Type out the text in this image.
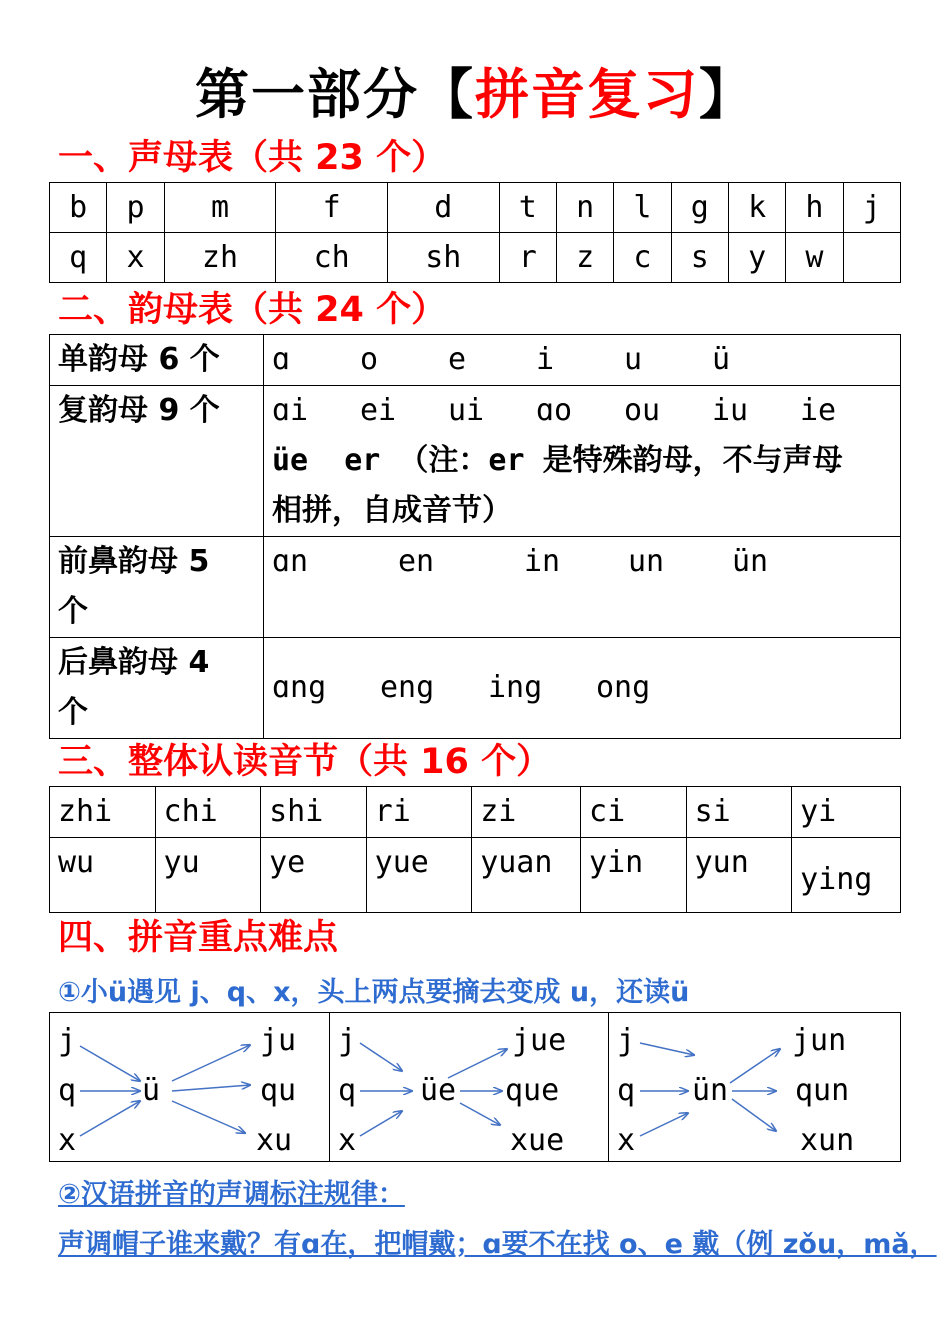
第一部分【拼音复习】
一、声母表（共 23 个）
b	p	m	f	d	t	n	l	g	k	h	j
q	x	zh	ch	sh	r	z	c	s	y	w	
二、韵母表（共 24 个）
单韵母 6 个	ɑ o e i u ü
复韵母 9 个	ɑi ei ui ɑo ou iu ie
üe  er （注：er 是特殊韵母，不与声母
相拼，自成音节）

前鼻韵母 5
个	ɑn en in un ün

后鼻韵母 4
个	ɑng eng ing ong
三、整体认读音节（共 16 个）
zhi	chi	shi	ri	zi	ci	si	yi
wu	yu	ye	yue	yuan	yin	yun	ying
四、拼音重点难点
①小ü遇见 j、q、x，头上两点要摘去变成 u，还读ü
j
q
x
ü
ju
qu
xu
j
q
x
üe
jue
que
xue
j
q
x
ün
jun
qun
xun
②汉语拼音的声调标注规律：
声调帽子谁来戴？有ɑ在，把帽戴；ɑ要不在找 o、e 戴（例 zǒu，mǎ，
